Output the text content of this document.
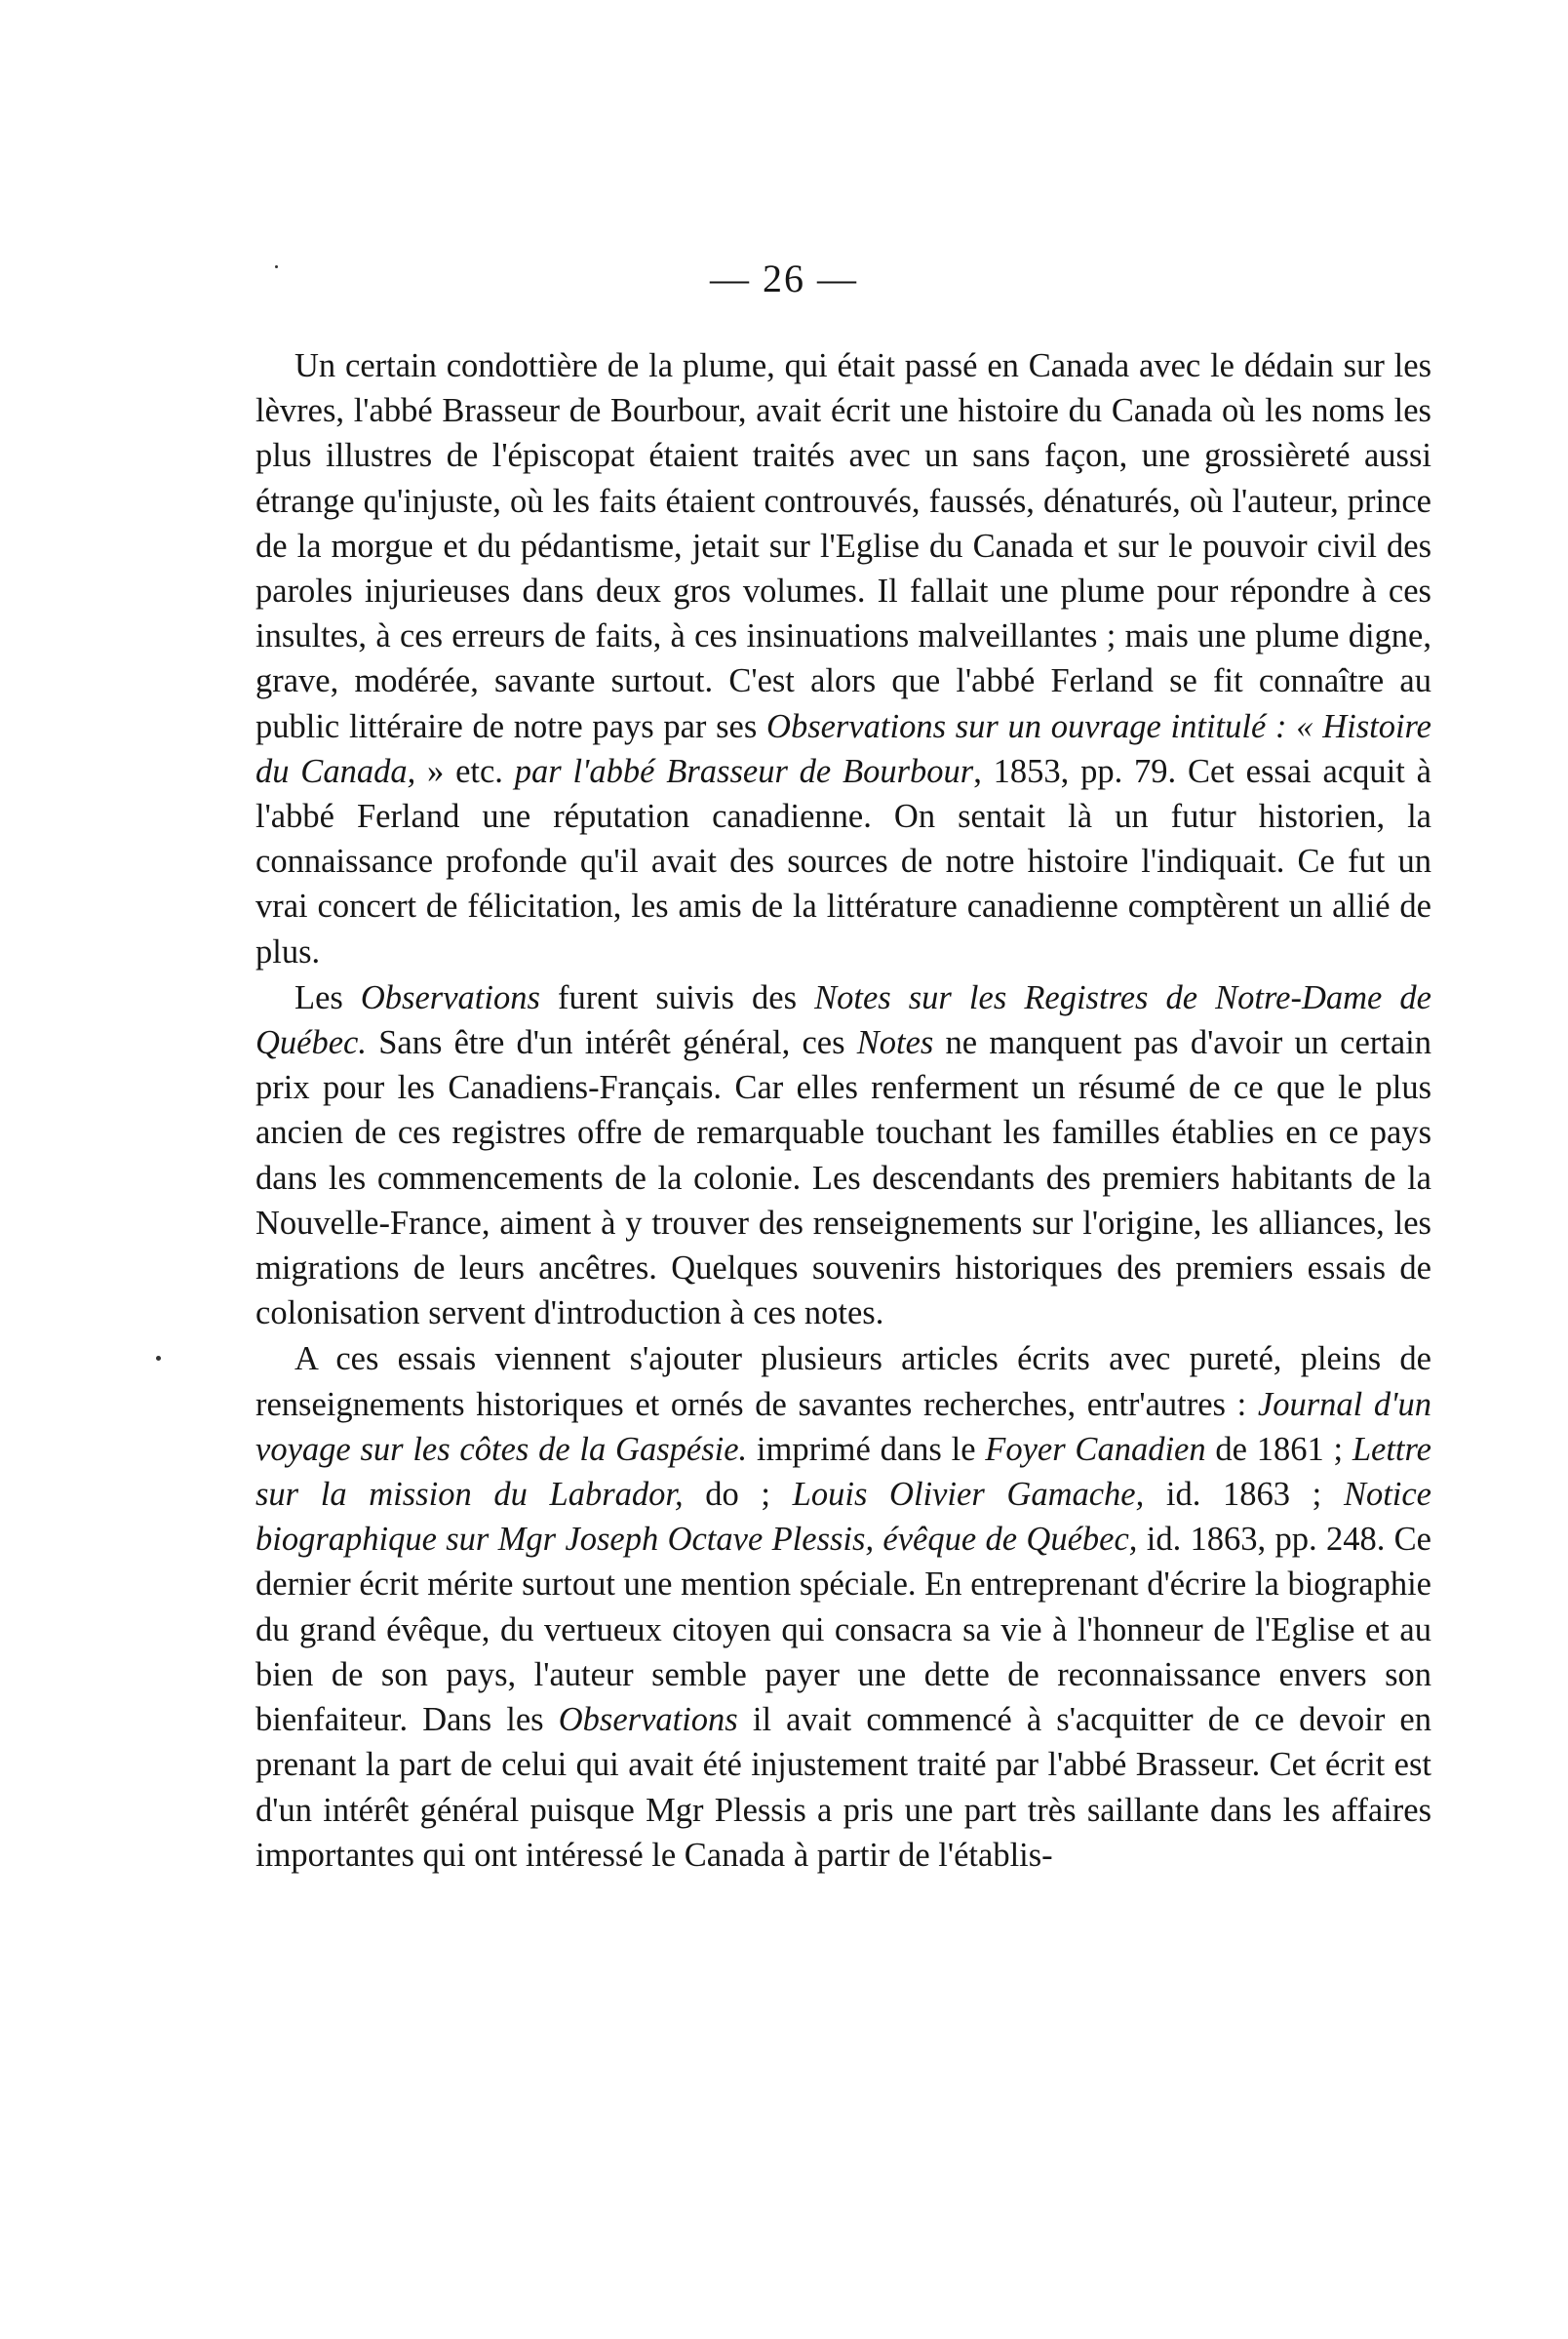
— 26 —

Un certain condottière de la plume, qui était passé en Canada avec le dédain sur les lèvres, l'abbé Brasseur de Bourbour, avait écrit une histoire du Canada où les noms les plus illustres de l'épiscopat étaient traités avec un sans façon, une grossièreté aussi étrange qu'injuste, où les faits étaient controuvés, faussés, dénaturés, où l'auteur, prince de la morgue et du pédantisme, jetait sur l'Eglise du Canada et sur le pouvoir civil des paroles injurieuses dans deux gros volumes. Il fallait une plume pour répondre à ces insultes, à ces erreurs de faits, à ces insinuations malveillantes ; mais une plume digne, grave, modérée, savante surtout. C'est alors que l'abbé Ferland se fit connaître au public littéraire de notre pays par ses Observations sur un ouvrage intitulé : « Histoire du Canada, » etc. par l'abbé Brasseur de Bourbour, 1853, pp. 79. Cet essai acquit à l'abbé Ferland une réputation canadienne. On sentait là un futur historien, la connaissance profonde qu'il avait des sources de notre histoire l'indiquait. Ce fut un vrai concert de félicitation, les amis de la littérature canadienne comptèrent un allié de plus.

Les Observations furent suivis des Notes sur les Registres de Notre-Dame de Québec. Sans être d'un intérêt général, ces Notes ne manquent pas d'avoir un certain prix pour les Canadiens-Français. Car elles renferment un résumé de ce que le plus ancien de ces registres offre de remarquable touchant les familles établies en ce pays dans les commencements de la colonie. Les descendants des premiers habitants de la Nouvelle-France, aiment à y trouver des renseignements sur l'origine, les alliances, les migrations de leurs ancêtres. Quelques souvenirs historiques des premiers essais de colonisation servent d'introduction à ces notes.

A ces essais viennent s'ajouter plusieurs articles écrits avec pureté, pleins de renseignements historiques et ornés de savantes recherches, entr'autres : Journal d'un voyage sur les côtes de la Gaspésie. imprimé dans le Foyer Canadien de 1861 ; Lettre sur la mission du Labrador, do ; Louis Olivier Gamache, id. 1863 ; Notice biographique sur Mgr Joseph Octave Plessis, évêque de Québec, id. 1863, pp. 248. Ce dernier écrit mérite surtout une mention spéciale. En entreprenant d'écrire la biographie du grand évêque, du vertueux citoyen qui consacra sa vie à l'honneur de l'Eglise et au bien de son pays, l'auteur semble payer une dette de reconnaissance envers son bienfaiteur. Dans les Observations il avait commencé à s'acquitter de ce devoir en prenant la part de celui qui avait été injustement traité par l'abbé Brasseur. Cet écrit est d'un intérêt général puisque Mgr Plessis a pris une part très saillante dans les affaires importantes qui ont intéressé le Canada à partir de l'établis-
